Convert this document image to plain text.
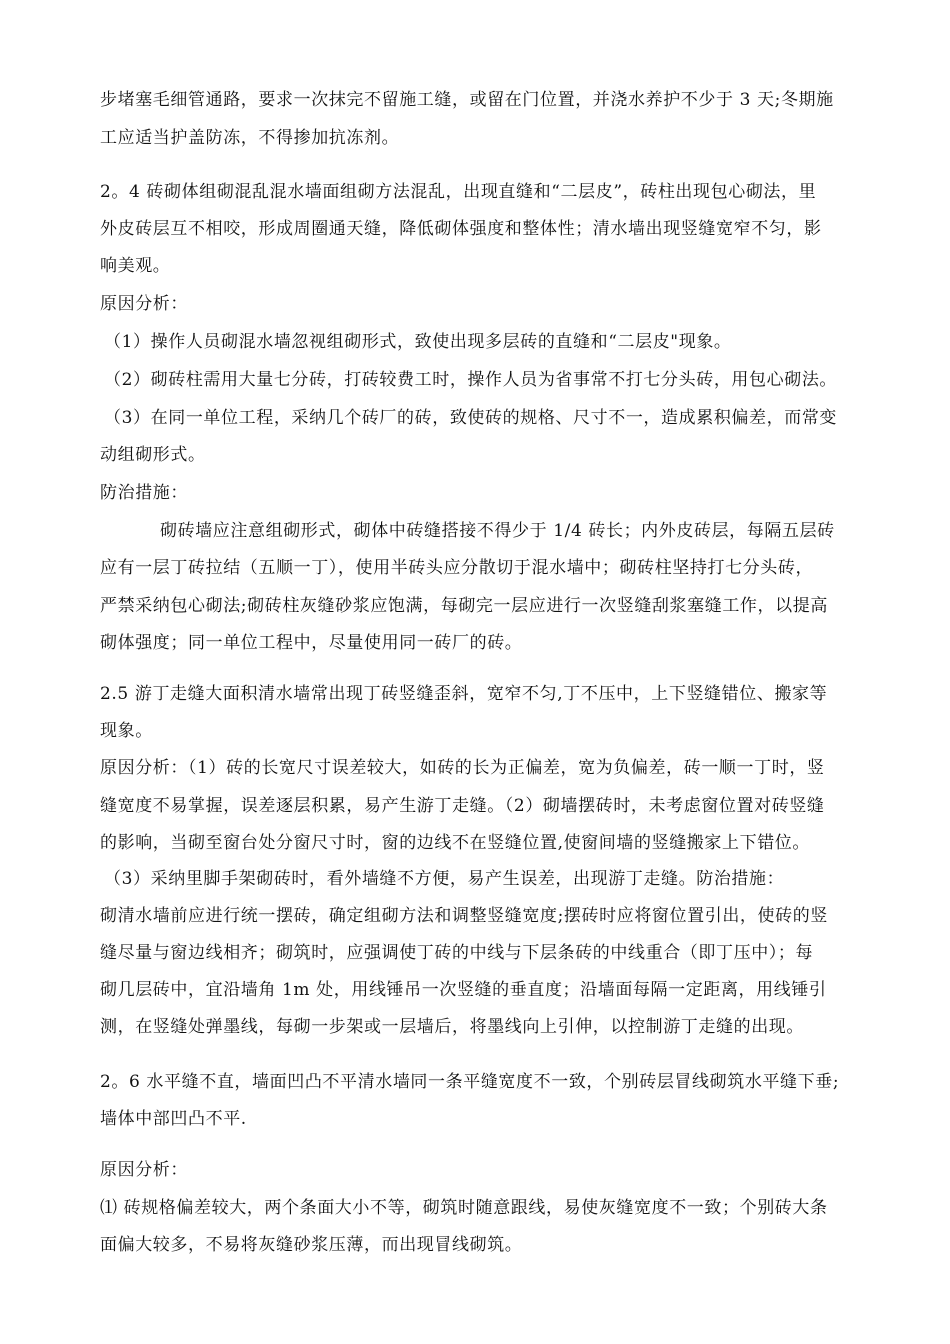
步堵塞毛细管通路，要求一次抹完不留施工缝，或留在门位置，并浇水养护不少于 3 天;冬期施
工应适当护盖防冻，不得掺加抗冻剂。
2。4 砖砌体组砌混乱混水墙面组砌方法混乱，出现直缝和“二层皮”，砖柱出现包心砌法，里
外皮砖层互不相咬，形成周圈通天缝，降低砌体强度和整体性；清水墙出现竖缝宽窄不匀，影
响美观。
原因分析：
（1）操作人员砌混水墙忽视组砌形式，致使出现多层砖的直缝和“二层皮"现象。
（2）砌砖柱需用大量七分砖，打砖较费工时，操作人员为省事常不打七分头砖，用包心砌法。
（3）在同一单位工程，采纳几个砖厂的砖，致使砖的规格、尺寸不一，造成累积偏差，而常变
动组砌形式。
防治措施：
砌砖墙应注意组砌形式，砌体中砖缝搭接不得少于 1/4 砖长；内外皮砖层，每隔五层砖
应有一层丁砖拉结（五顺一丁），使用半砖头应分散切于混水墙中；砌砖柱坚持打七分头砖，
严禁采纳包心砌法;砌砖柱灰缝砂浆应饱满，每砌完一层应进行一次竖缝刮浆塞缝工作，以提高
砌体强度；同一单位工程中，尽量使用同一砖厂的砖。
2.5 游丁走缝大面积清水墙常出现丁砖竖缝歪斜，宽窄不匀,丁不压中，上下竖缝错位、搬家等
现象。
原因分析：（1）砖的长宽尺寸误差较大，如砖的长为正偏差，宽为负偏差，砖一顺一丁时，竖
缝宽度不易掌握，误差逐层积累，易产生游丁走缝。（2）砌墙摆砖时，未考虑窗位置对砖竖缝
的影响，当砌至窗台处分窗尺寸时，窗的边线不在竖缝位置,使窗间墙的竖缝搬家上下错位。
（3）采纳里脚手架砌砖时，看外墙缝不方便，易产生误差，出现游丁走缝。防治措施：
砌清水墙前应进行统一摆砖，确定组砌方法和调整竖缝宽度;摆砖时应将窗位置引出，使砖的竖
缝尽量与窗边线相齐；砌筑时，应强调使丁砖的中线与下层条砖的中线重合（即丁压中）；每
砌几层砖中，宜沿墙角 1m 处，用线锤吊一次竖缝的垂直度；沿墙面每隔一定距离，用线锤引
测，在竖缝处弹墨线，每砌一步架或一层墙后，将墨线向上引伸，以控制游丁走缝的出现。
2。6 水平缝不直，墙面凹凸不平清水墙同一条平缝宽度不一致，个别砖层冒线砌筑水平缝下垂;
墙体中部凹凸不平.
原因分析：
⑴ 砖规格偏差较大，两个条面大小不等，砌筑时随意跟线，易使灰缝宽度不一致；个别砖大条
面偏大较多，不易将灰缝砂浆压薄，而出现冒线砌筑。
